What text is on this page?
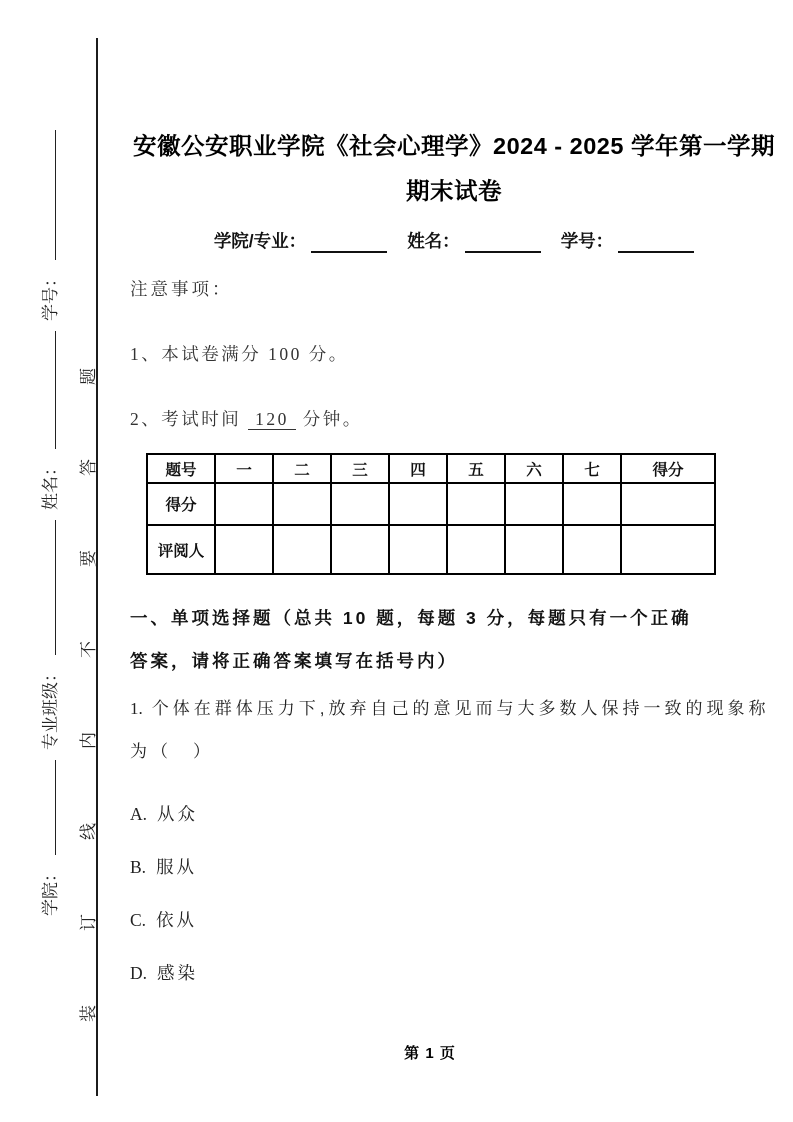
装订线内不要答题
学院：专业班级：姓名：学号：
安徽公安职业学院《社会心理学》2024 - 2025 学年第一学期期末试卷
学院/专业：	姓名：	学号：
注意事项：
1、本试卷满分 100 分。
2、考试时间 120 分钟。
题号	一	二	三	四	五	六	七	得分
得分								
评阅人								
一、单项选择题（总共 10 题，每题 3 分，每题只有一个正确答案，请将正确答案填写在括号内）
1. 个体在群体压力下,放弃自己的意见而与大多数人保持一致的现象称为（　）
A. 从众
B. 服从
C. 依从
D. 感染
第 1 页
